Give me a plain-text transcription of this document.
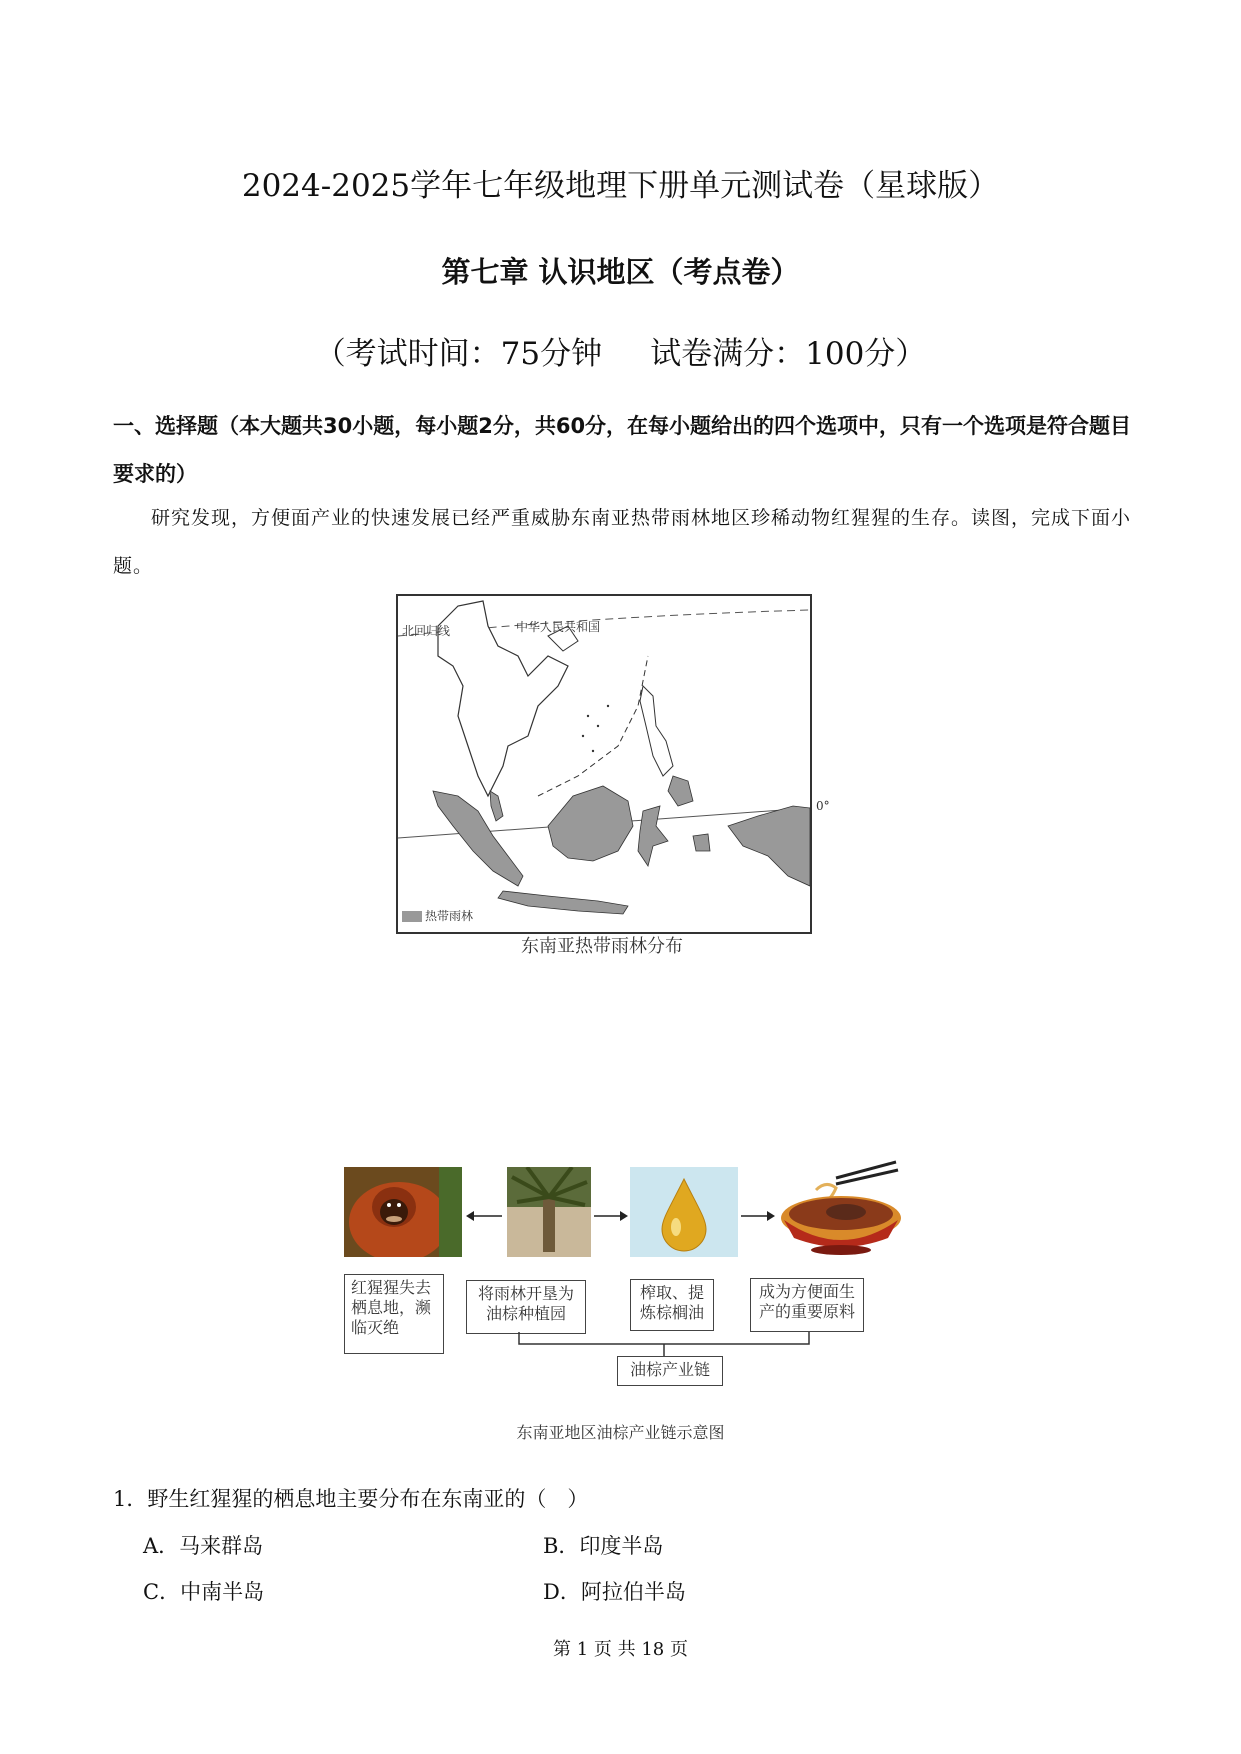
2024-2025学年七年级地理下册单元测试卷（星球版）
第七章 认识地区（考点卷）
（考试时间：75分钟 试卷满分：100分）
一、选择题（本大题共30小题，每小题2分，共60分，在每小题给出的四个选项中，只有一个选项是符合题目要求的）
研究发现，方便面产业的快速发展已经严重威胁东南亚热带雨林地区珍稀动物红猩猩的生存。读图，完成下面小题。
北回归线	中华人民共和国
0°
热带雨林
东南亚热带雨林分布
红猩猩失去栖息地，濒临灭绝
将雨林开垦为油棕种植园
榨取、提炼棕榈油
成为方便面生产的重要原料
油棕产业链
东南亚地区油棕产业链示意图
1．野生红猩猩的栖息地主要分布在东南亚的（　）
A．马来群岛	B．印度半岛
C．中南半岛	D．阿拉伯半岛
第 1 页 共 18 页
